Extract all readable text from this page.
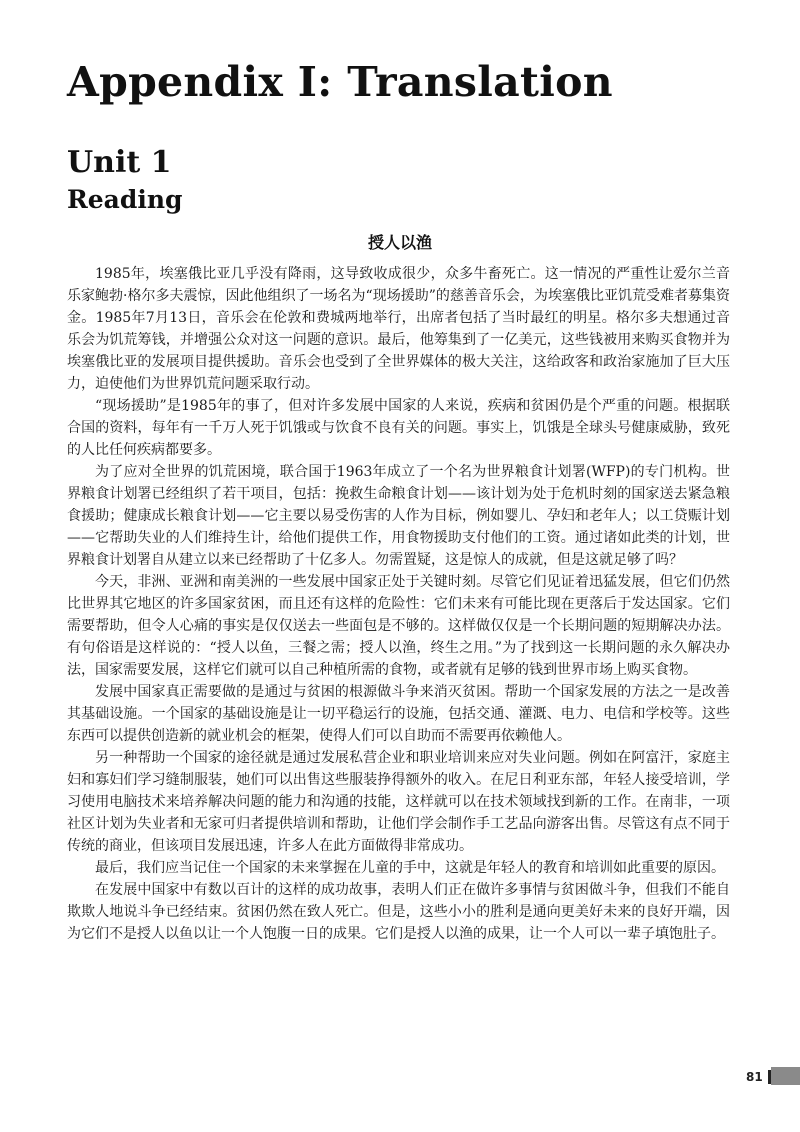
Appendix I: Translation
Unit 1
Reading
授人以渔

1985年，埃塞俄比亚几乎没有降雨，这导致收成很少，众多牛畜死亡。这一情况的严重性让爱尔兰音乐家鲍勃·格尔多夫震惊，因此他组织了一场名为“现场援助”的慈善音乐会，为埃塞俄比亚饥荒受难者募集资金。1985年7月13日，音乐会在伦敦和费城两地举行，出席者包括了当时最红的明星。格尔多夫想通过音乐会为饥荒筹钱，并增强公众对这一问题的意识。最后，他筹集到了一亿美元，这些钱被用来购买食物并为埃塞俄比亚的发展项目提供援助。音乐会也受到了全世界媒体的极大关注，这给政客和政治家施加了巨大压力，迫使他们为世界饥荒问题采取行动。

“现场援助”是1985年的事了，但对许多发展中国家的人来说，疾病和贫困仍是个严重的问题。根据联合国的资料，每年有一千万人死于饥饿或与饮食不良有关的问题。事实上，饥饿是全球头号健康威胁，致死的人比任何疾病都要多。

为了应对全世界的饥荒困境，联合国于1963年成立了一个名为世界粮食计划署(WFP)的专门机构。世界粮食计划署已经组织了若干项目，包括：挽救生命粮食计划——该计划为处于危机时刻的国家送去紧急粮食援助；健康成长粮食计划——它主要以易受伤害的人作为目标，例如婴儿、孕妇和老年人；以工贷赈计划——它帮助失业的人们维持生计，给他们提供工作，用食物援助支付他们的工资。通过诸如此类的计划，世界粮食计划署自从建立以来已经帮助了十亿多人。勿需置疑，这是惊人的成就，但是这就足够了吗？

今天，非洲、亚洲和南美洲的一些发展中国家正处于关键时刻。尽管它们见证着迅猛发展，但它们仍然比世界其它地区的许多国家贫困，而且还有这样的危险性：它们未来有可能比现在更落后于发达国家。它们需要帮助，但令人心痛的事实是仅仅送去一些面包是不够的。这样做仅仅是一个长期问题的短期解决办法。有句俗语是这样说的：“授人以鱼，三餐之需；授人以渔，终生之用。”为了找到这一长期问题的永久解决办法，国家需要发展，这样它们就可以自己种植所需的食物，或者就有足够的钱到世界市场上购买食物。

发展中国家真正需要做的是通过与贫困的根源做斗争来消灭贫困。帮助一个国家发展的方法之一是改善其基础设施。一个国家的基础设施是让一切平稳运行的设施，包括交通、灌溉、电力、电信和学校等。这些东西可以提供创造新的就业机会的框架，使得人们可以自助而不需要再依赖他人。

另一种帮助一个国家的途径就是通过发展私营企业和职业培训来应对失业问题。例如在阿富汗，家庭主妇和寡妇们学习缝制服装，她们可以出售这些服装挣得额外的收入。在尼日利亚东部，年轻人接受培训，学习使用电脑技术来培养解决问题的能力和沟通的技能，这样就可以在技术领域找到新的工作。在南非，一项社区计划为失业者和无家可归者提供培训和帮助，让他们学会制作手工艺品向游客出售。尽管这有点不同于传统的商业，但该项目发展迅速，许多人在此方面做得非常成功。

最后，我们应当记住一个国家的未来掌握在儿童的手中，这就是年轻人的教育和培训如此重要的原因。

在发展中国家中有数以百计的这样的成功故事，表明人们正在做许多事情与贫困做斗争，但我们不能自欺欺人地说斗争已经结束。贫困仍然在致人死亡。但是，这些小小的胜利是通向更美好未来的良好开端，因为它们不是授人以鱼以让一个人饱腹一日的成果。它们是授人以渔的成果，让一个人可以一辈子填饱肚子。

81
